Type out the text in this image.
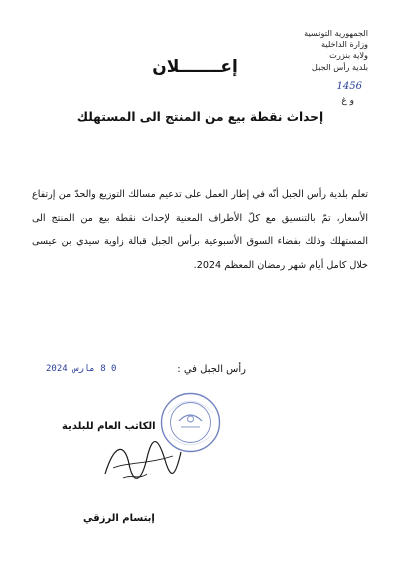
الجمهورية التونسية
وزارة الداخلية
ولاية بنزرت
بلدية رأس الجبل
1456
و غ
إعـــــــلان
إحداث نقطة بيع من المنتج الى المستهلك
تعلم بلدية رأس الجبل أنّه في إطار العمل على تدعيم مسالك التوزيع والحدّ من إرتفاع الأسعار، تمّ بالتنسيق مع كلّ الأطراف المعنية لإحداث نقطة بيع من المنتج الى المستهلك وذلك بفضاء السوق الأسبوعية برأس الجبل قبالة زاوية سيدي بن عيسى خلال كامل أيام شهر رمضان المعظم 2024.
رأس الجبل في :
0 8 مارس 2024
الكاتب العام للبلدية
إبتسام الرزقي
